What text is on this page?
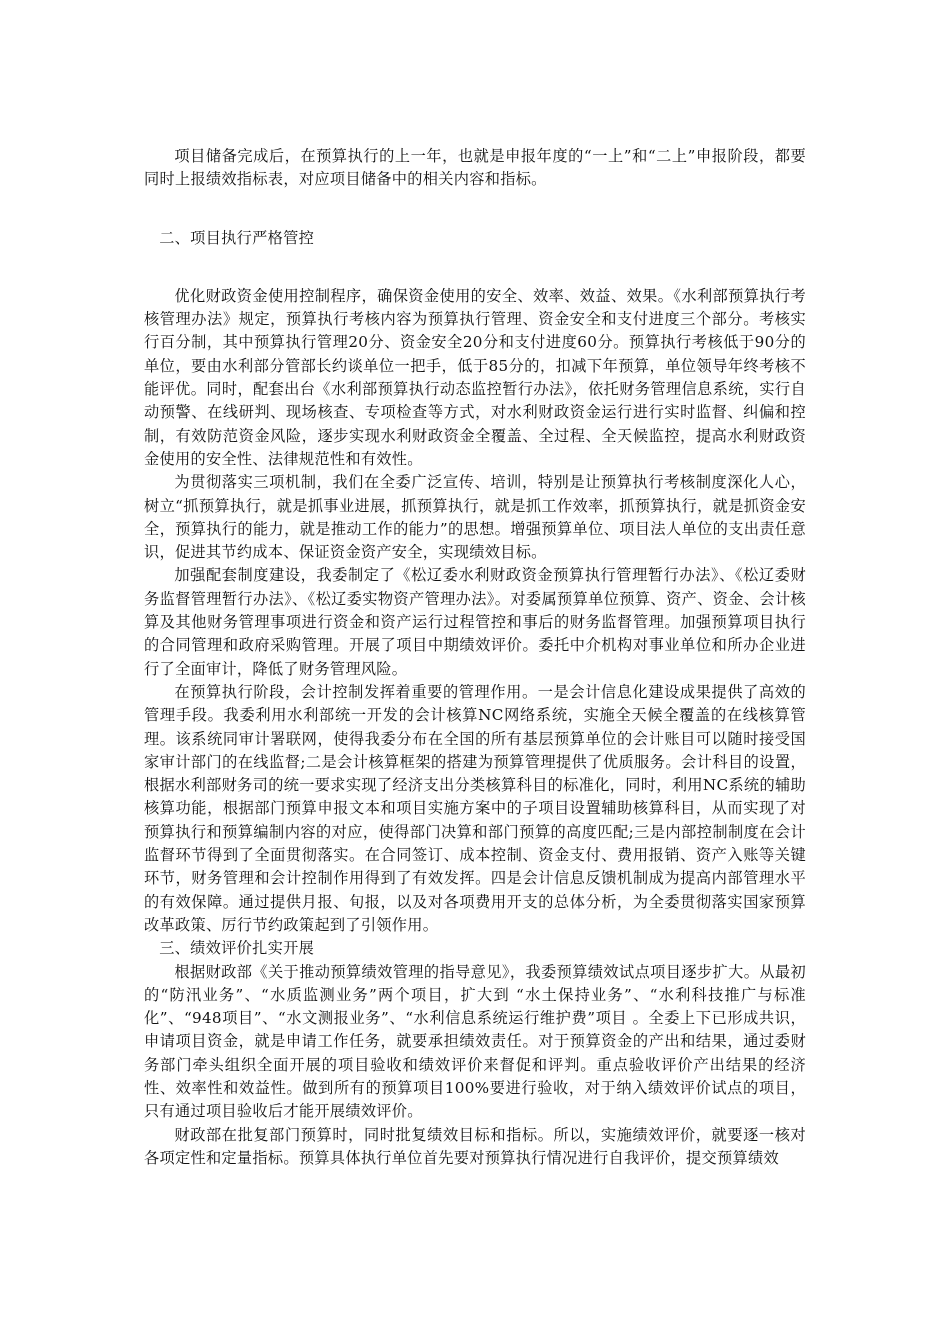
项目储备完成后，在预算执行的上一年，也就是申报年度的“一上”和“二上”申报阶段，都要同时上报绩效指标表，对应项目储备中的相关内容和指标。

二、项目执行严格管控

优化财政资金使用控制程序，确保资金使用的安全、效率、效益、效果。《水利部预算执行考核管理办法》规定，预算执行考核内容为预算执行管理、资金安全和支付进度三个部分。考核实行百分制，其中预算执行管理20分、资金安全20分和支付进度60分。预算执行考核低于90分的单位，要由水利部分管部长约谈单位一把手，低于85分的，扣减下年预算，单位领导年终考核不能评优。同时，配套出台《水利部预算执行动态监控暂行办法》，依托财务管理信息系统，实行自动预警、在线研判、现场核查、专项检查等方式，对水利财政资金运行进行实时监督、纠偏和控制，有效防范资金风险，逐步实现水利财政资金全覆盖、全过程、全天候监控，提高水利财政资金使用的安全性、法律规范性和有效性。

为贯彻落实三项机制，我们在全委广泛宣传、培训，特别是让预算执行考核制度深化人心，树立“抓预算执行，就是抓事业进展，抓预算执行，就是抓工作效率，抓预算执行，就是抓资金安全，预算执行的能力，就是推动工作的能力”的思想。增强预算单位、项目法人单位的支出责任意识，促进其节约成本、保证资金资产安全，实现绩效目标。

加强配套制度建设，我委制定了《松辽委水利财政资金预算执行管理暂行办法》、《松辽委财务监督管理暂行办法》、《松辽委实物资产管理办法》。对委属预算单位预算、资产、资金、会计核算及其他财务管理事项进行资金和资产运行过程管控和事后的财务监督管理。加强预算项目执行的合同管理和政府采购管理。开展了项目中期绩效评价。委托中介机构对事业单位和所办企业进行了全面审计，降低了财务管理风险。

在预算执行阶段，会计控制发挥着重要的管理作用。一是会计信息化建设成果提供了高效的管理手段。我委利用水利部统一开发的会计核算NC网络系统，实施全天候全覆盖的在线核算管理。该系统同审计署联网，使得我委分布在全国的所有基层预算单位的会计账目可以随时接受国家审计部门的在线监督;二是会计核算框架的搭建为预算管理提供了优质服务。会计科目的设置，根据水利部财务司的统一要求实现了经济支出分类核算科目的标准化，同时，利用NC系统的辅助核算功能，根据部门预算申报文本和项目实施方案中的子项目设置辅助核算科目，从而实现了对预算执行和预算编制内容的对应，使得部门决算和部门预算的高度匹配;三是内部控制制度在会计监督环节得到了全面贯彻落实。在合同签订、成本控制、资金支付、费用报销、资产入账等关键环节，财务管理和会计控制作用得到了有效发挥。四是会计信息反馈机制成为提高内部管理水平的有效保障。通过提供月报、旬报，以及对各项费用开支的总体分析，为全委贯彻落实国家预算改革政策、厉行节约政策起到了引领作用。

三、绩效评价扎实开展

根据财政部《关于推动预算绩效管理的指导意见》，我委预算绩效试点项目逐步扩大。从最初的“防汛业务”、“水质监测业务”两个项目，扩大到 “水土保持业务”、“水利科技推广与标准化”、“948项目”、“水文测报业务”、“水利信息系统运行维护费”项目 。全委上下已形成共识，申请项目资金，就是申请工作任务，就要承担绩效责任。对于预算资金的产出和结果，通过委财务部门牵头组织全面开展的项目验收和绩效评价来督促和评判。重点验收评价产出结果的经济性、效率性和效益性。做到所有的预算项目100%要进行验收，对于纳入绩效评价试点的项目，只有通过项目验收后才能开展绩效评价。

财政部在批复部门预算时，同时批复绩效目标和指标。所以，实施绩效评价，就要逐一核对各项定性和定量指标。预算具体执行单位首先要对预算执行情况进行自我评价，提交预算绩效
